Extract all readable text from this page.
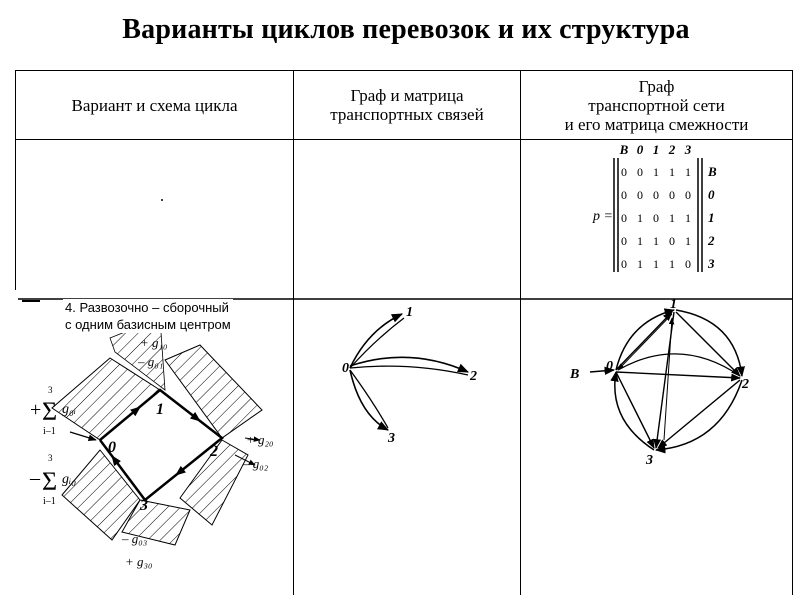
Варианты циклов перевозок и их структура
Вариант и схема цикла	Граф и матрица
транспортных связей
Граф
транспортной сети
и его матрица смежности
0
1
2
3
+ g₁₀
– g₀₁
+ g₂₀
– g₀₂
– g₀₃
+ g₃₀
+
3
Σ
i–1
g₀ᵢ
–
3
Σ
i–1
gᵢ₀
0
1
2
3
B
0
1
2
3
p =
B 0 1 2 3
0 0 1 1 1 B
0 0 0 0 0 0
0 1 0 1 1 1
0 1 1 0 1 2
0 1 1 1 0 3
4. Развозочно – сборочный
с одним базисным центром
